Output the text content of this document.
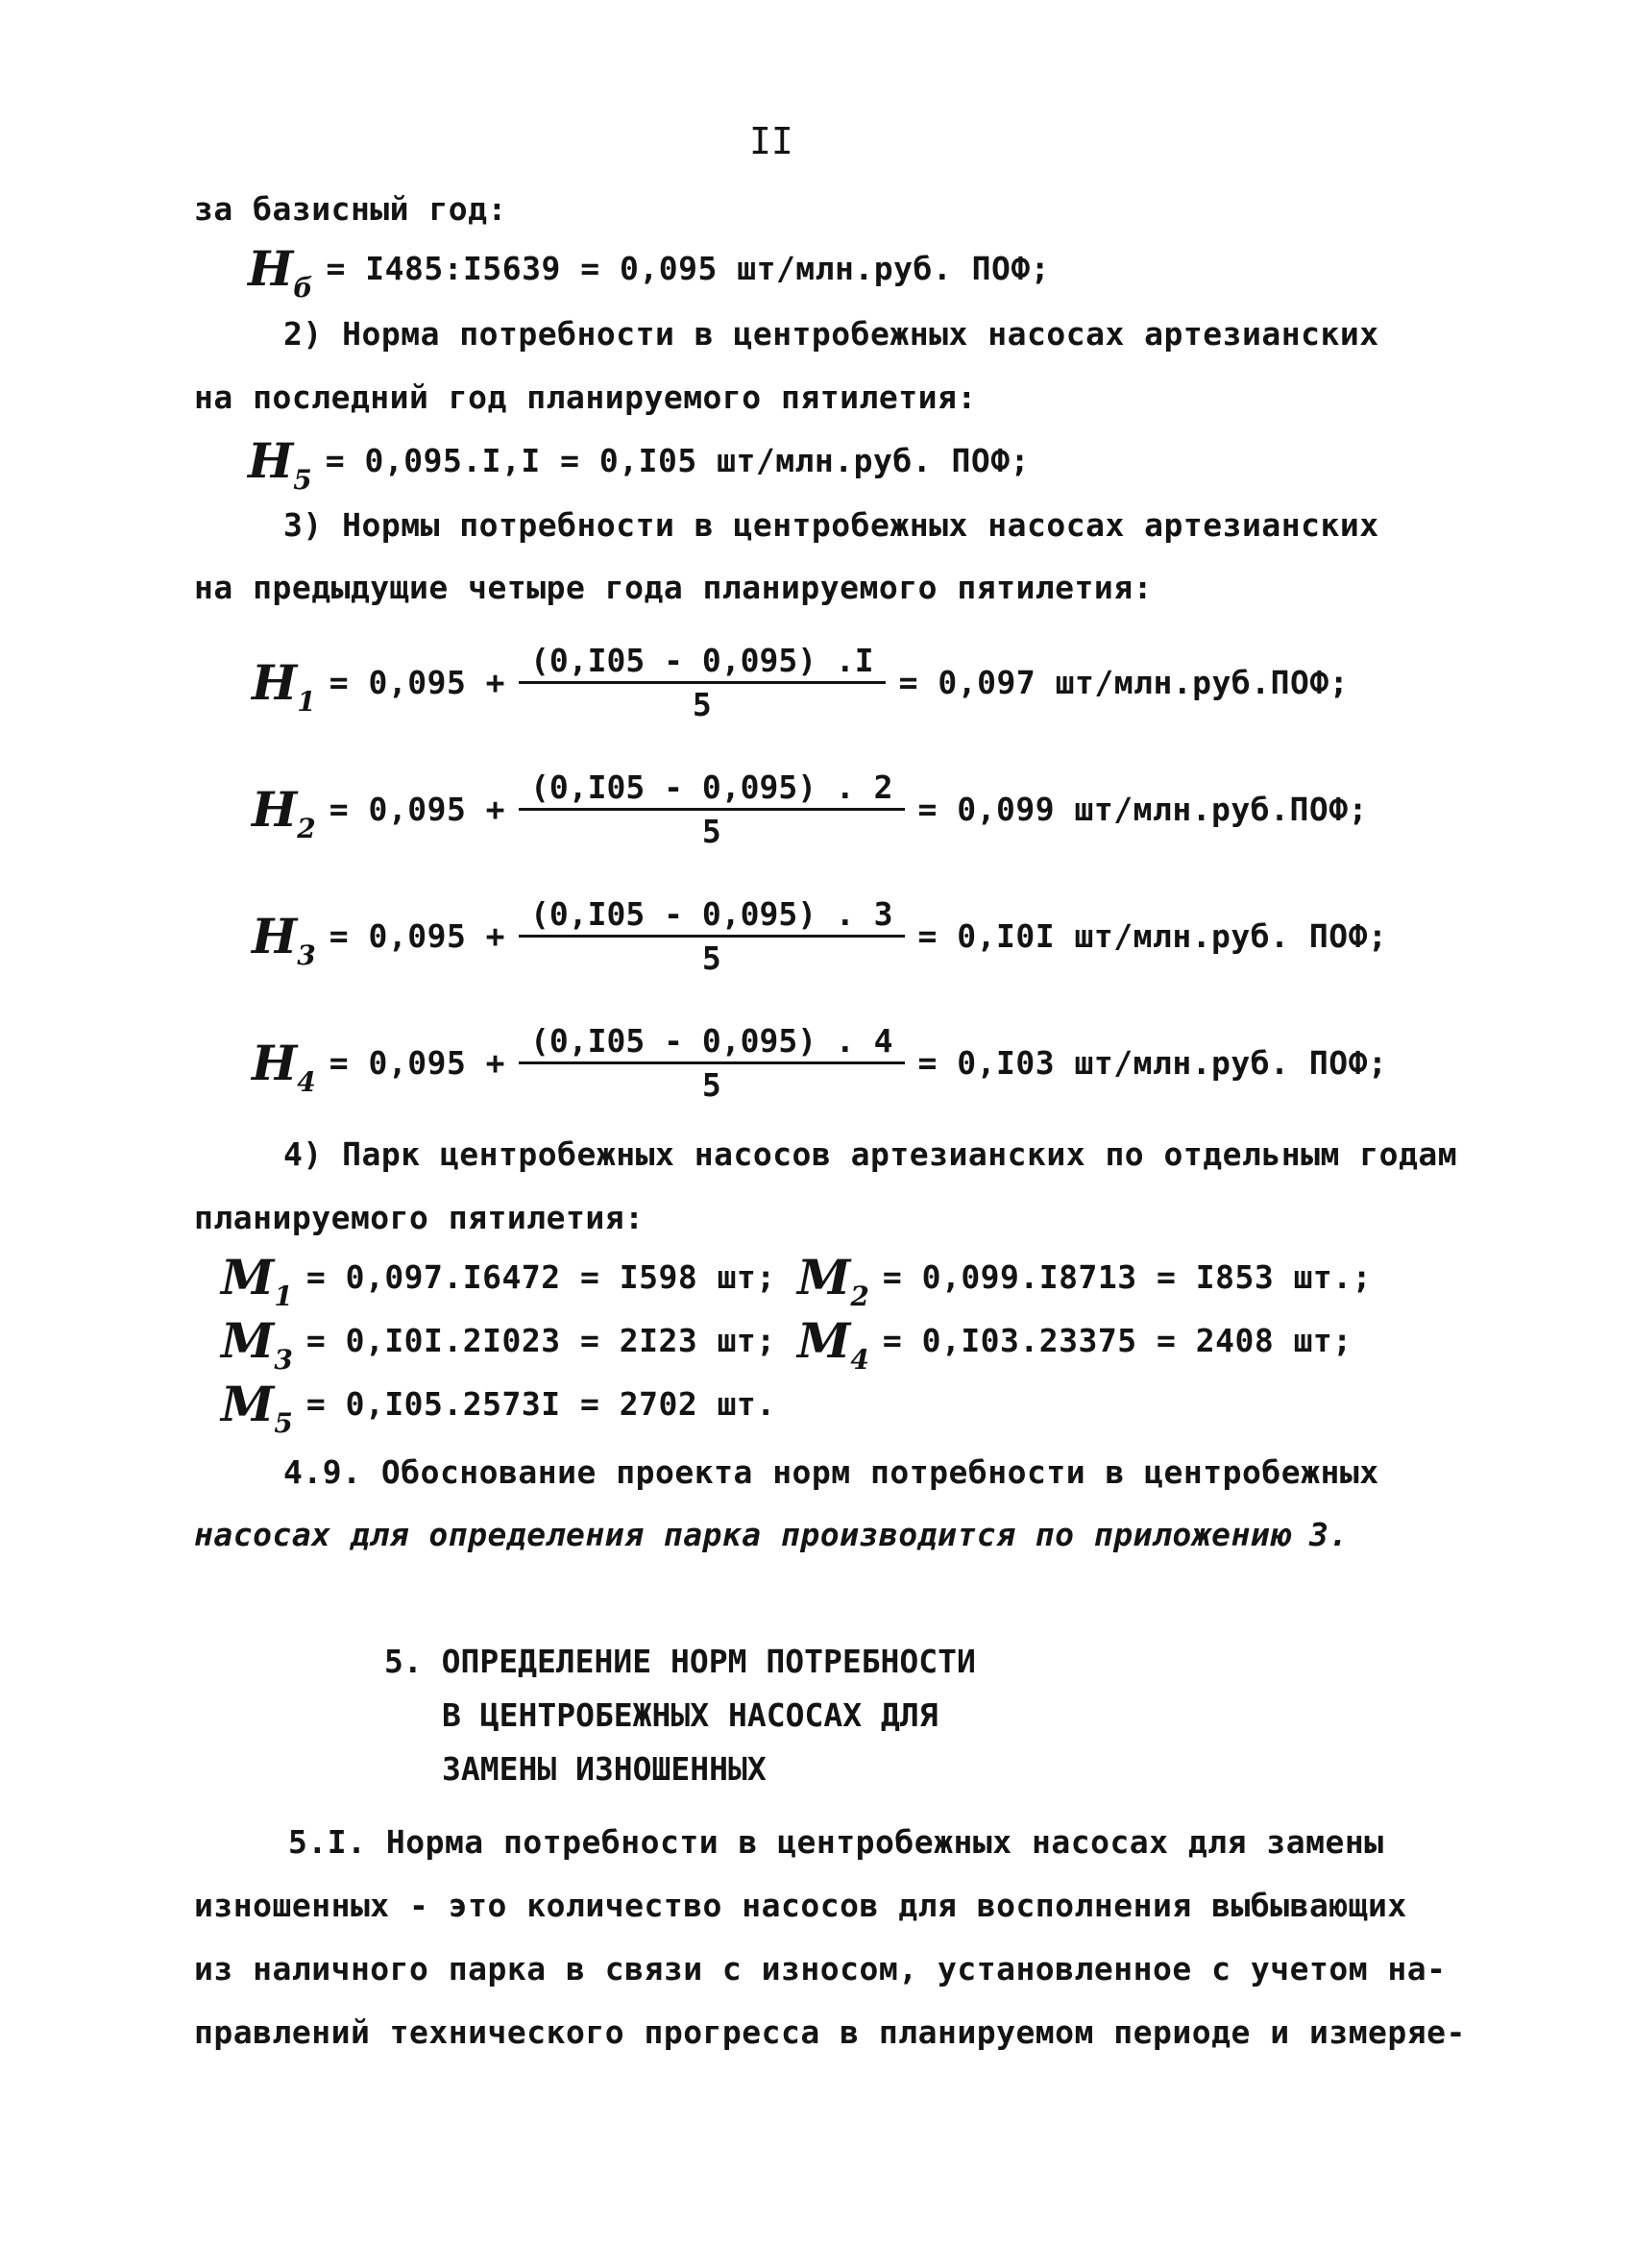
II
за базисный год:
$Н_б$
= I485:I5639 = 0,095 шт/млн.руб. ПОФ;
2) Норма потребности в центробежных насосах артезианских
на последний год планируемого пятилетия:
$Н_5$
= 0,095.I,I = 0,I05 шт/млн.руб. ПОФ;
3) Нормы потребности в центробежных насосах артезианских
на предыдущие четыре года планируемого пятилетия:
$Н_1$
= $0,095 + \frac{(0,I05 - 0,095) .I}{5} = 0,097$ шт/млн.руб.ПОФ;
$Н_2$
= $0,095 + \frac{(0,I05 - 0,095) . 2}{5} = 0,099$ шт/млн.руб.ПОФ;
$Н_3$
= $0,095 + \frac{(0,I05 - 0,095) . 3}{5} = 0,I0I$ шт/млн.руб. ПОФ;
$Н_4$
= $0,095 + \frac{(0,I05 - 0,095) . 4}{5} = 0,I03$ шт/млн.руб. ПОФ;
4) Парк центробежных насосов артезианских по отдельным годам
планируемого пятилетия:
$М_1$
= 0,097.I6472 = I598 шт; $М_2$
= 0,099.I8713 = I853 шт.;
$М_3$
= 0,I0I.2I023 = 2I23 шт; $М_4$
= 0,I03.23375 = 2408 шт;
$М_5$
= 0,I05.2573I = 2702 шт.
4.9. Обоснование проекта норм потребности в центробежных
насосах для определения парка производится по приложению 3.
5. ОПРЕДЕЛЕНИЕ НОРМ ПОТРЕБНОСТИ
В ЦЕНТРОБЕЖНЫХ НАСОСАХ ДЛЯ
ЗАМЕНЫ ИЗНОШЕННЫХ
5.I. Норма потребности в центробежных насосах для замены
изношенных - это количество насосов для восполнения выбывающих
из наличного парка в связи с износом, установленное с учетом на-
правлений технического прогресса в планируемом периоде и измеряе-
